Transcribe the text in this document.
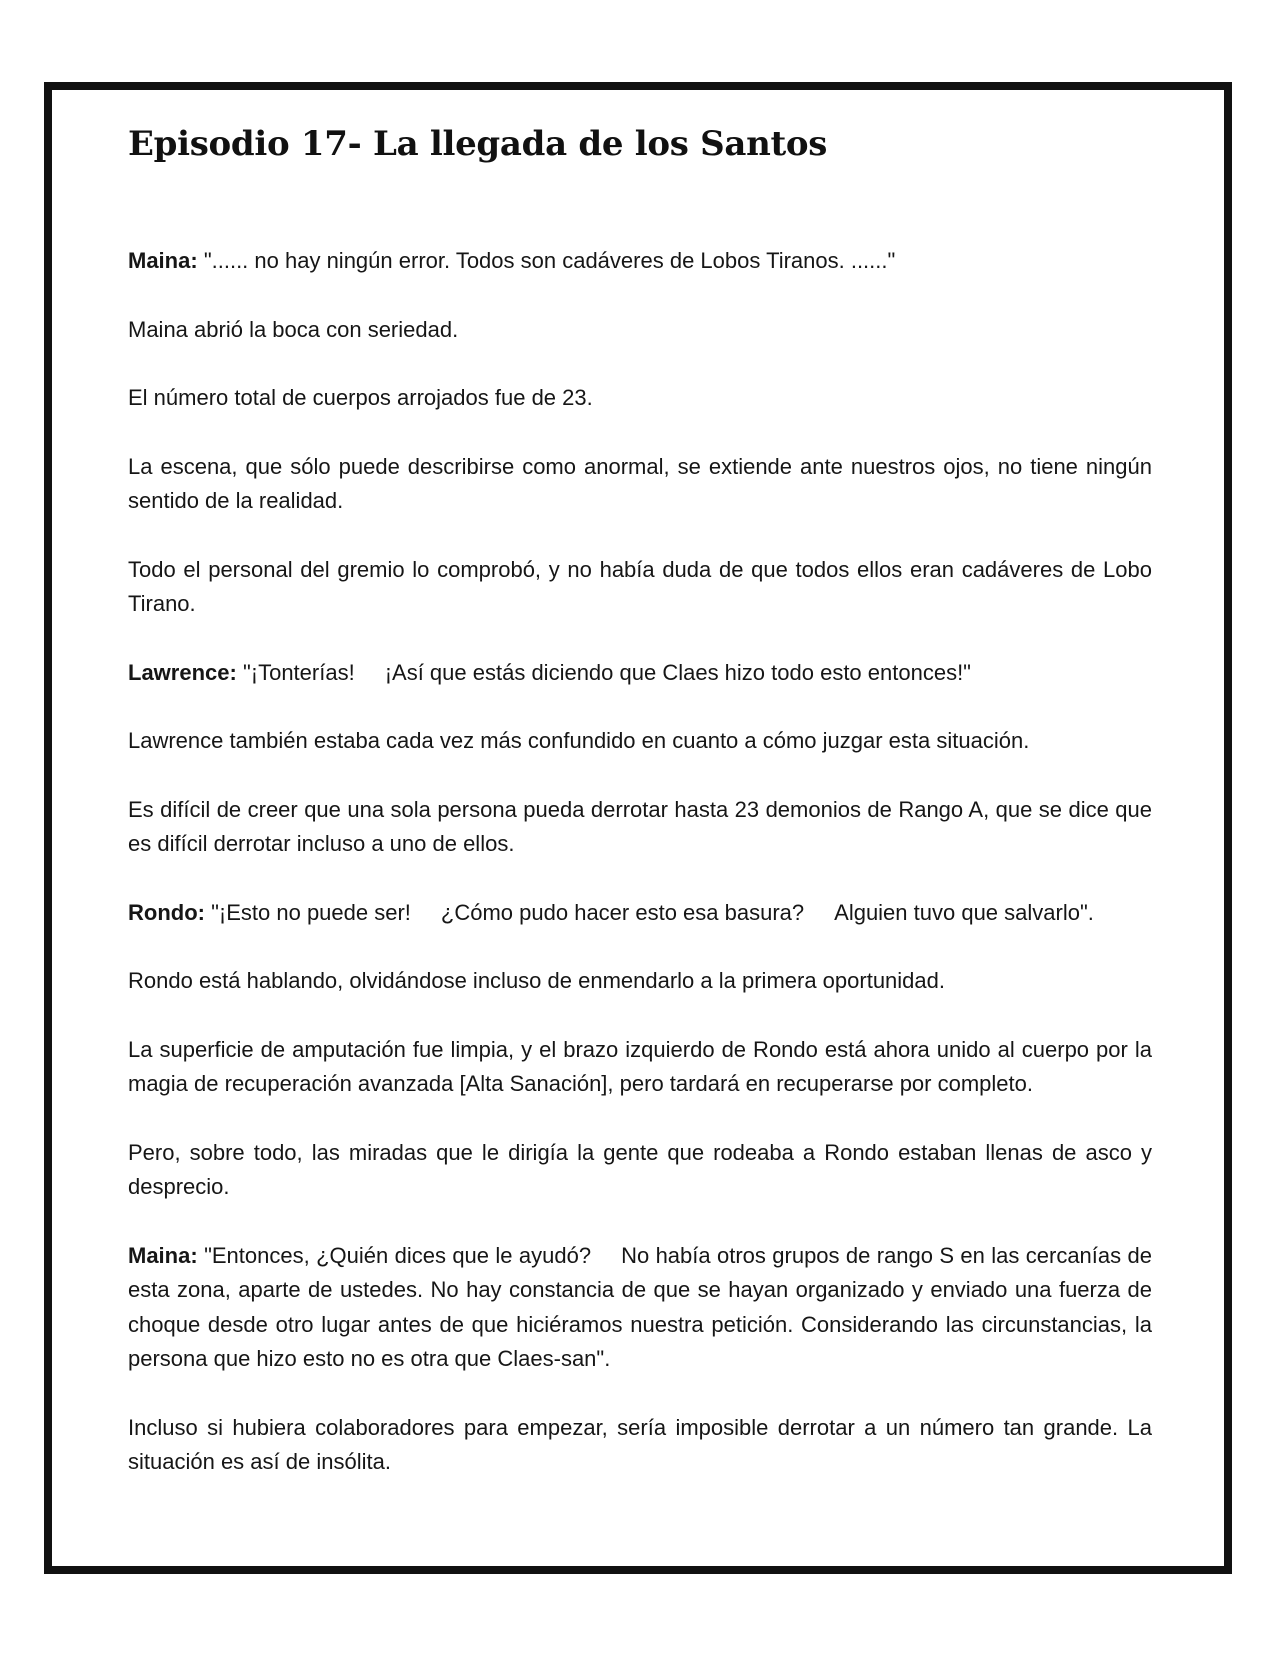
Episodio 17- La llegada de los Santos

Maina: "...... no hay ningún error. Todos son cadáveres de Lobos Tiranos. ......"

Maina abrió la boca con seriedad.

El número total de cuerpos arrojados fue de 23.

La escena, que sólo puede describirse como anormal, se extiende ante nuestros ojos, no tiene ningún sentido de la realidad.

Todo el personal del gremio lo comprobó, y no había duda de que todos ellos eran cadáveres de Lobo Tirano.

Lawrence: "¡Tonterías! ¡Así que estás diciendo que Claes hizo todo esto entonces!"

Lawrence también estaba cada vez más confundido en cuanto a cómo juzgar esta situación.

Es difícil de creer que una sola persona pueda derrotar hasta 23 demonios de Rango A, que se dice que es difícil derrotar incluso a uno de ellos.

Rondo: "¡Esto no puede ser! ¿Cómo pudo hacer esto esa basura? Alguien tuvo que salvarlo".

Rondo está hablando, olvidándose incluso de enmendarlo a la primera oportunidad.

La superficie de amputación fue limpia, y el brazo izquierdo de Rondo está ahora unido al cuerpo por la magia de recuperación avanzada [Alta Sanación], pero tardará en recuperarse por completo.

Pero, sobre todo, las miradas que le dirigía la gente que rodeaba a Rondo estaban llenas de asco y desprecio.

Maina: "Entonces, ¿Quién dices que le ayudó? No había otros grupos de rango S en las cercanías de esta zona, aparte de ustedes. No hay constancia de que se hayan organizado y enviado una fuerza de choque desde otro lugar antes de que hiciéramos nuestra petición. Considerando las circunstancias, la persona que hizo esto no es otra que Claes-san".

Incluso si hubiera colaboradores para empezar, sería imposible derrotar a un número tan grande. La situación es así de insólita.
